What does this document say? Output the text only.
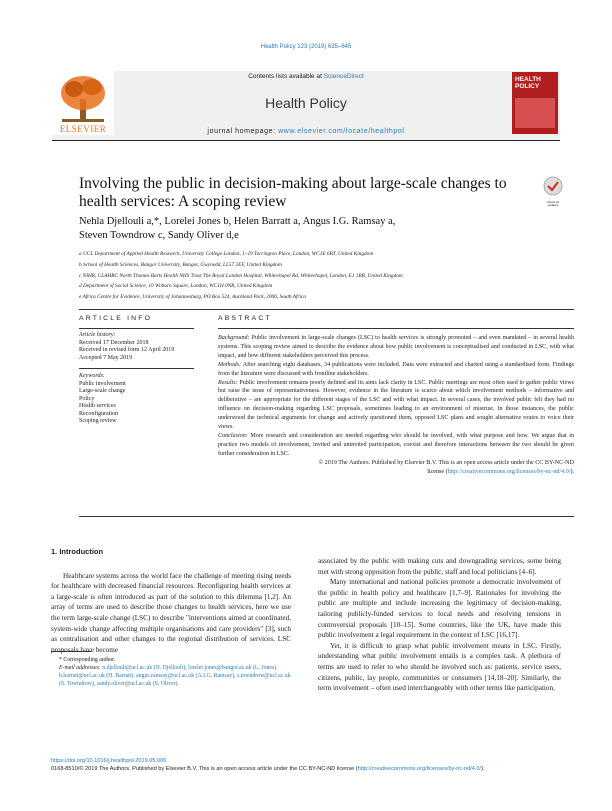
Health Policy 123 (2019) 635–645
ELSEVIER
Contents lists available at ScienceDirect
Health Policy
journal homepage: www.elsevier.com/locate/healthpol
HEALTH POLICY
Involving the public in decision-making about large-scale changes to health services: A scoping review	Check for updates
Nehla Djellouli a,*, Lorelei Jones b, Helen Barratt a, Angus I.G. Ramsay a,
Steven Towndrow c, Sandy Oliver d,e
a UCL Department of Applied Health Research, University College London, 1–19 Torrington Place, London, WC1E 6BT, United Kingdom
b School of Health Sciences, Bangor University, Bangor, Gwynedd, LL57 2EF, United Kingdom
c NIHR, CLAHRC North Thames Barts Health NHS Trust The Royal London Hospital, Whitechapel Rd, Whitechapel, London, E1 1BB, United Kingdom
d Department of Social Science, 10 Woburn Square, London, WC1H 0NR, United Kingdom
e Africa Centre for Evidence, University of Johannesburg, PO Box 524, Auckland Park, 2006, South Africa
ARTICLE INFO	ABSTRACT
Article history:
Received 17 December 2018
Received in revised form 12 April 2019
Accepted 7 May 2019
Keywords:
Public involvement
Large-scale change
Policy
Health services
Reconfiguration
Scoping review

Background: Public involvement in large-scale changes (LSC) to health services is strongly promoted – and even mandated – in several health systems. This scoping review aimed to describe the evidence about how public involvement is conceptualised and conducted in LSC, with what impact, and how different stakeholders perceived this process.

Methods: After searching eight databases, 34 publications were included. Data were extracted and charted using a standardised form. Findings from the literature were discussed with frontline stakeholders.

Results: Public involvement remains poorly defined and its aims lack clarity in LSC. Public meetings are most often used to gather public views but raise the issue of representativeness. However, evidence in the literature is scarce about which involvement methods – informative and deliberative – are appropriate for the different stages of the LSC and with what impact. In several cases, the involved public felt they had no influence on decision-making regarding LSC proposals, sometimes leading to an environment of mistrust. In those instances, the public understood the technical arguments for change and actively questioned them, opposed LSC plans and sought alternative routes to voice their views.

Conclusion: More research and consideration are needed regarding who should be involved, with what purpose and how. We argue that in practice two models of involvement, invited and uninvited participation, coexist and therefore interactions between the two should be given further consideration in LSC.

© 2019 The Authors. Published by Elsevier B.V. This is an open access article under the CC BY-NC-ND
license (http://creativecommons.org/licenses/by-nc-nd/4.0/).

1. Introduction

Healthcare systems across the world face the challenge of meeting rising needs for healthcare with decreased financial resources. Reconfiguring health services at a large-scale is often introduced as part of the solution to this dilemma [1,2]. An array of terms are used to describe those changes to health services, here we use the term large-scale change (LSC) to describe "interventions aimed at coordinated, system-wide change affecting multiple organisations and care providers" [3], such as centralisation and other changes to the regional distribution of services. LSC proposals have become

* Corresponding author.
E-mail addresses: n.djellouli@ucl.ac.uk (N. Djellouli), lorelei.jones@bangor.ac.uk (L. Jones), h.barratt@ucl.ac.uk (H. Barratt), angus.ramsay@ucl.ac.uk (A.I.G. Ramsay), s.towndrow@ucl.ac.uk (S. Towndrow), sandy.oliver@ucl.ac.uk (S. Oliver).

associated by the public with making cuts and downgrading services, some being met with strong opposition from the public, staff and local politicians [4–6].

Many international and national policies promote a democratic involvement of the public in health policy and healthcare [1,7–9]. Rationales for involving the public are multiple and include increasing the legitimacy of decision-making, tailoring publicly-funded services to local needs and resolving tensions in controversial proposals [10–15]. Some countries, like the UK, have made this public involvement a legal requirement in the context of LSC [16,17].

Yet, it is difficult to grasp what public involvement means in LSC. Firstly, understanding what public involvement entails is a complex task. A plethora of terms are used to refer to who should be involved such as: patients, service users, citizens, public, lay people, communities or consumers [14,18–20]. Similarly, the term involvement – often used interchangeably with other terms like participation,

https://doi.org/10.1016/j.healthpol.2019.05.006
0168-8510/© 2019 The Authors. Published by Elsevier B.V. This is an open access article under the CC BY-NC-ND license (http://creativecommons.org/licenses/by-nc-nd/4.0/).
